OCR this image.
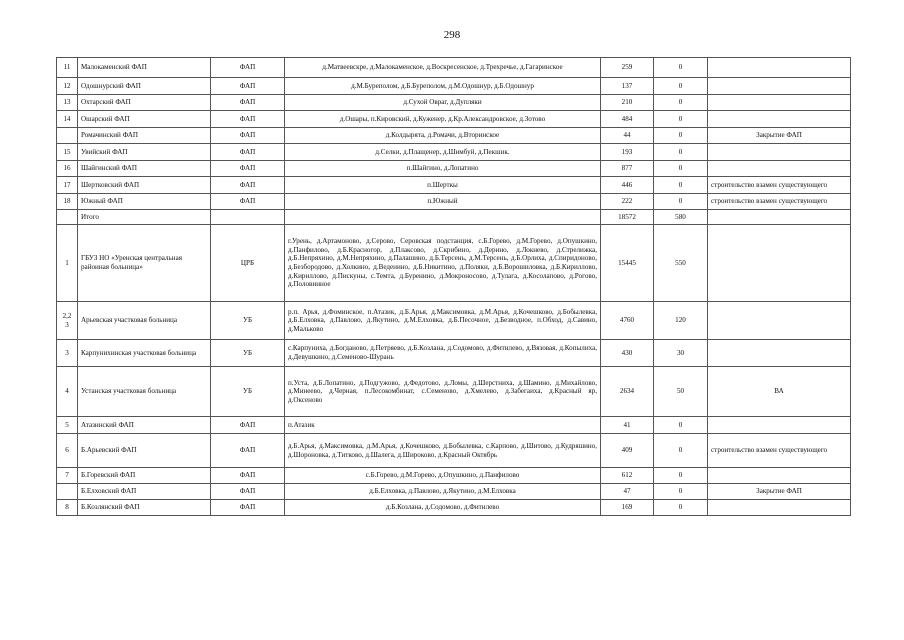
298
11	Малокаменский ФАП	ФАП	д.Матвеевскре, д.Малокаменское, д.Воскресенское, д.Трехречье, д.Гагаринское	259	0	
12	Одошнурский ФАП	ФАП	д.М.Буреполом, д.Б.Буреполом, д.М.Одошнур, д.Б.Одошнур	137	0	
13	Охтарский ФАП	ФАП	д.Сухой Овраг, д.Дупляки	210	0	
14	Ошарский ФАП	ФАП	д.Ошары, п.Кировский, д.Куженер, д.Кр.Александровское, д.Зотово	484	0	
	Ромачинский ФАП	ФАП	д.Колдырята, д.Ромачи, д.Вторинское	44	0	Закрытие ФАП
15	Увийский ФАП	ФАП	д.Селки, д.Плащенер, д.Шимбуй, д.Пекшик.	193	0	
16	Шайгинский ФАП	ФАП	п.Шайгино, д.Лопатино	877	0	
17	Шертковский ФАП	ФАП	п.Шерткы	446	0	строительство взамен существующего
18	Южный ФАП	ФАП	п.Южный	222	0	строительство взамен существующего
	Итого			18572	580	
1	ГБУЗ НО «Уренская центральная районная больница»	ЦРБ	г.Урень, д.Артамоново, д.Серово, Серовская подстанция, с.Б.Горево, д.М.Горево, д.Опушкино, д.Панфилово, д.Б.Красногор, д.Плаксово, д.Скрибино, д.Дерино, д.Локнево, д.Стрелижка, д.Б.Непряхино, д.М.Непряхино, д.Палашино, д.Б.Терсень, д.М.Терсень, д.Б.Орлиха, д.Спиридоново, д.Безбородово, д.Холкино, д.Веденино, д.Б.Никитино, д.Поляки, д.Б.Ворошиловка, д.Б.Кириллово, д.Кириллово, д.Пискуны, с.Темта, д.Буренино, д.Мокроносово, д.Тулага, д.Косолапово, д.Рогово, д.Половинное	15445	550	
2,2 3	Арьевская участковая больница	УБ	р.п. Арья, д.Фоминское, п.Атазик, д.Б.Арья, д.Максимовка, д.М.Арья, д.Кочешково, д.Бобылевка, д.Б.Елховка, д.Павлово, д.Якутино, д.М.Елховка, д.Б.Песочное, д.Безводное, п.Обход, д.Савино, д.Мальково	4760	120	
3	Карпунихинская участковая больница	УБ	с.Карпуниха, д.Богданово, д.Петряево, д.Б.Козлана, д.Содомово, д.Фитилево, д.Вязовая, д.Копылиха, д.Девушкино, д.Семеново-Шурань	430	30	
4	Устанская участковая больница	УБ	п.Уста, д.Б.Лопатино, д.Подгужово, д.Федотово, д.Ломы, д.Шерстниха, д.Шамино, д.Михайлово, д.Минеево, д.Черная, п.Лесокомбинат, с.Семеново, д.Хмелево, д.Забегаиха, д.Красный яр, д.Оксеново	2634	50	ВА
5	Атазинский ФАП	ФАП	п.Атазик	41	0	
6	Б.Арьевский ФАП	ФАП	д.Б.Арья, д.Максимовка, д.М.Арья, д.Кочешково, д.Бобылевка, с.Карпово, д.Шитово, д.Кудряшино, д.Шороновка, д.Титково, д.Шалега, д.Широково, д.Красный Октябрь	409	0	строительство взамен существующего
7	Б.Горевский ФАП	ФАП	с.Б.Горево, д.М.Горево, д.Опушкино, д.Панфилово	612	0	
	Б.Елховский ФАП	ФАП	д.Б.Елховка, д.Павлово, д.Якутино, д.М.Елховка	47	0	Закрытие ФАП
8	Б.Козлянский ФАП	ФАП	д.Б.Козлана, д.Содомово, д.Фитилево	169	0	
